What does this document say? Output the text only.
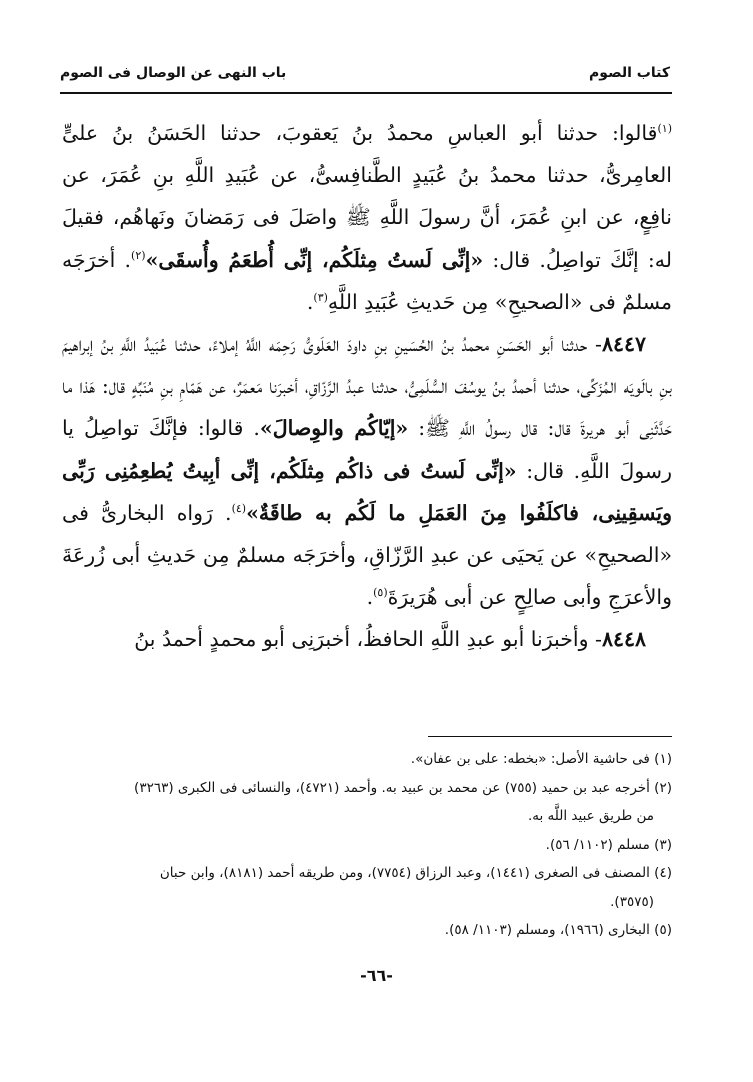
كتاب الصوم
باب النهى عن الوصال فى الصوم

$^{(١)}$قالوا: حدثنا أبو العباسِ محمدُ بنُ يَعقوبَ، حدثنا الحَسَنُ بنُ علىٍّ العامِرىُّ، حدثنا محمدُ بنُ عُبَيدٍ الطَّنافِسىُّ، عن عُبَيدِ اللَّهِ بنِ عُمَرَ، عن نافِعٍ، عن ابنِ عُمَرَ، أنَّ رسولَ اللَّهِ ﷺ واصَلَ فى رَمَضانَ ونَهاهُم، فقيلَ له: إنَّكَ تواصِلُ. قال: «إنِّى لَستُ مِثلَكُم، إنِّى أُطعَمُ وأُسقَى»$^{(٢)}$. أخرَجَه مسلمٌ فى «الصحيحِ» مِن حَديثِ عُبَيدِ اللَّهِ$^{(٣)}$.

٨٤٤٧- حدثنا أبو الحَسَنِ محمدُ بنُ الحُسَينِ بنِ داودَ العَلَوىُّ رَحِمَه اللَّهُ إملاءً، حدثنا عُبَيدُ اللَّهِ بنُ إبراهيمَ بنِ بالَويَه المُزَكِّى، حدثنا أحمدُ بنُ يوسُفَ السُّلَمِىُّ، حدثنا عبدُ الرَّزّاقِ، أخبرَنا مَعمَرٌ، عن هَمّامِ بنِ مُنَبِّهٍ قال: هَذا ما حَدَّثَنِى أبو هريرةَ قال: قال رسولُ اللَّهِ ﷺ: «إيّاكُم والوِصالَ». قالوا: فإنَّكَ تواصِلُ يا رسولَ اللَّهِ. قال: «إنِّى لَستُ فى ذاكُم مِثلَكُم، إنِّى أبِيتُ يُطعِمُنِى رَبِّى ويَسقِينِى، فاكلَفُوا مِنَ العَمَلِ ما لَكُم به طاقَةٌ»$^{(٤)}$. رَواه البخارىُّ فى «الصحيحِ» عن يَحيَى عن عبدِ الرَّزّاقِ، وأخرَجَه مسلمٌ مِن حَديثِ أبى زُرعَةَ والأعرَجِ وأبى صالِحٍ عن أبى هُرَيرَةَ$^{(٥)}$.

٨٤٤٨- وأخبرَنا أبو عبدِ اللَّهِ الحافظُ، أخبرَنِى أبو محمدٍ أحمدُ بنُ

(١) فى حاشية الأصل: «بخطه: على بن عفان».

(٢) أخرجه عبد بن حميد (٧٥٥) عن محمد بن عبيد به. وأحمد (٤٧٢١)، والنسائى فى الكبرى (٣٢٦٣)

من طريق عبيد اللَّه به.

(٣) مسلم (١١٠٢/ ٥٦).

(٤) المصنف فى الصغرى (١٤٤١)، وعبد الرزاق (٧٧٥٤)، ومن طريقه أحمد (٨١٨١)، وابن حبان

(٣٥٧٥).

(٥) البخارى (١٩٦٦)، ومسلم (١١٠٣/ ٥٨).

-٦٦-
